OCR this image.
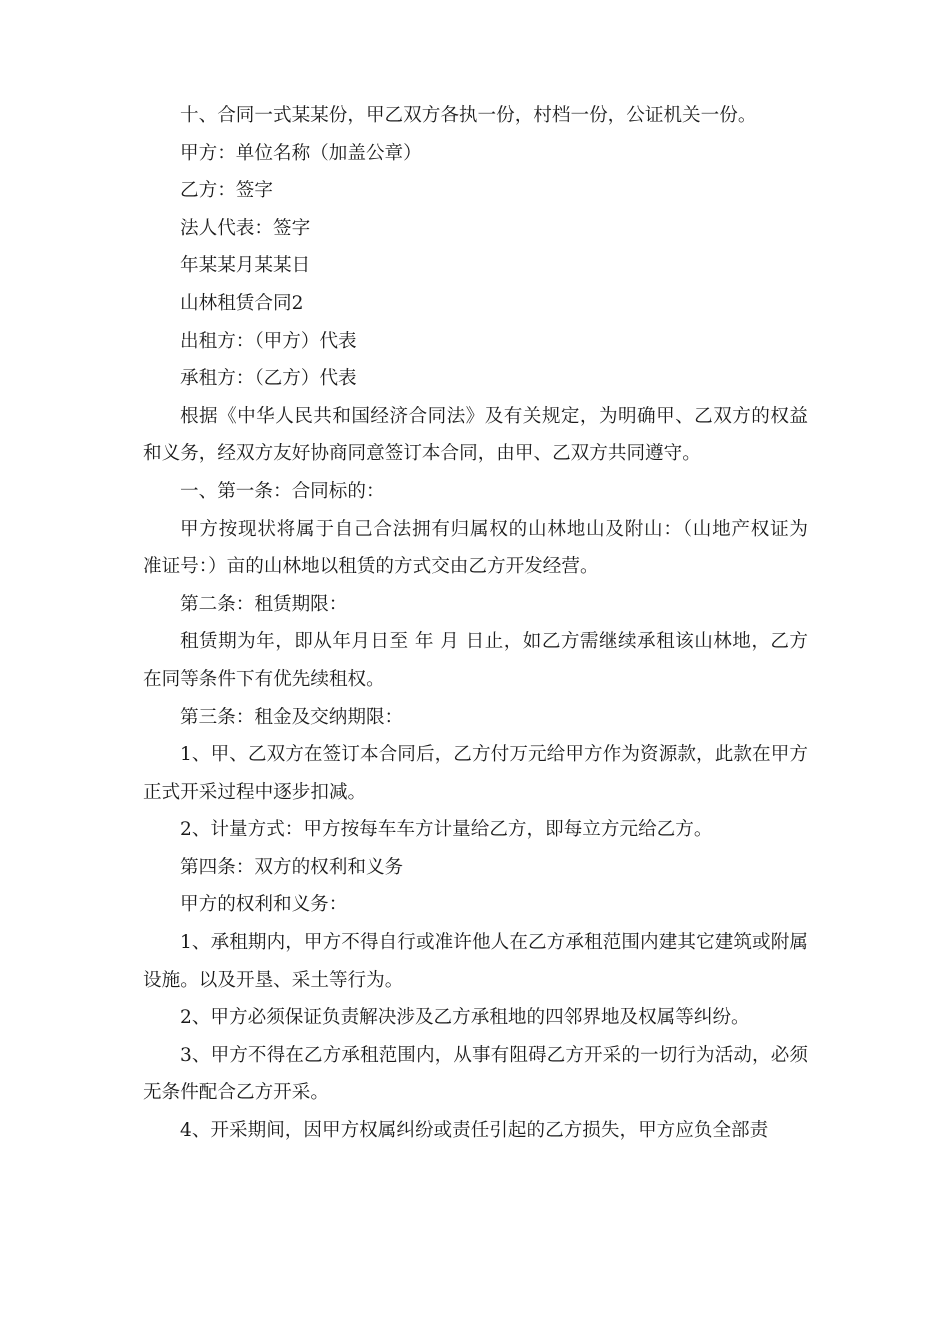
十、合同一式某某份，甲乙双方各执一份，村档一份，公证机关一份。

甲方：单位名称（加盖公章）

乙方：签字

法人代表：签字

年某某月某某日

山林租赁合同2

出租方：（甲方）代表

承租方：（乙方）代表

根据《中华人民共和国经济合同法》及有关规定，为明确甲、乙双方的权益和义务，经双方友好协商同意签订本合同，由甲、乙双方共同遵守。

一、第一条：合同标的：

甲方按现状将属于自己合法拥有归属权的山林地山及附山：（山地产权证为 准证号：）亩的山林地以租赁的方式交由乙方开发经营。

第二条：租赁期限：

租赁期为年，即从年月日至 年 月 日止，如乙方需继续承租该山林地，乙方在同等条件下有优先续租权。

第三条：租金及交纳期限：

1、甲、乙双方在签订本合同后，乙方付万元给甲方作为资源款，此款在甲方正式开采过程中逐步扣减。

2、计量方式：甲方按每车车方计量给乙方，即每立方元给乙方。

第四条：双方的权利和义务

甲方的权利和义务：

1、承租期内，甲方不得自行或准许他人在乙方承租范围内建其它建筑或附属设施。以及开垦、采土等行为。

2、甲方必须保证负责解决涉及乙方承租地的四邻界地及权属等纠纷。

3、甲方不得在乙方承租范围内，从事有阻碍乙方开采的一切行为活动，必须无条件配合乙方开采。

4、开采期间，因甲方权属纠纷或责任引起的乙方损失，甲方应负全部责
